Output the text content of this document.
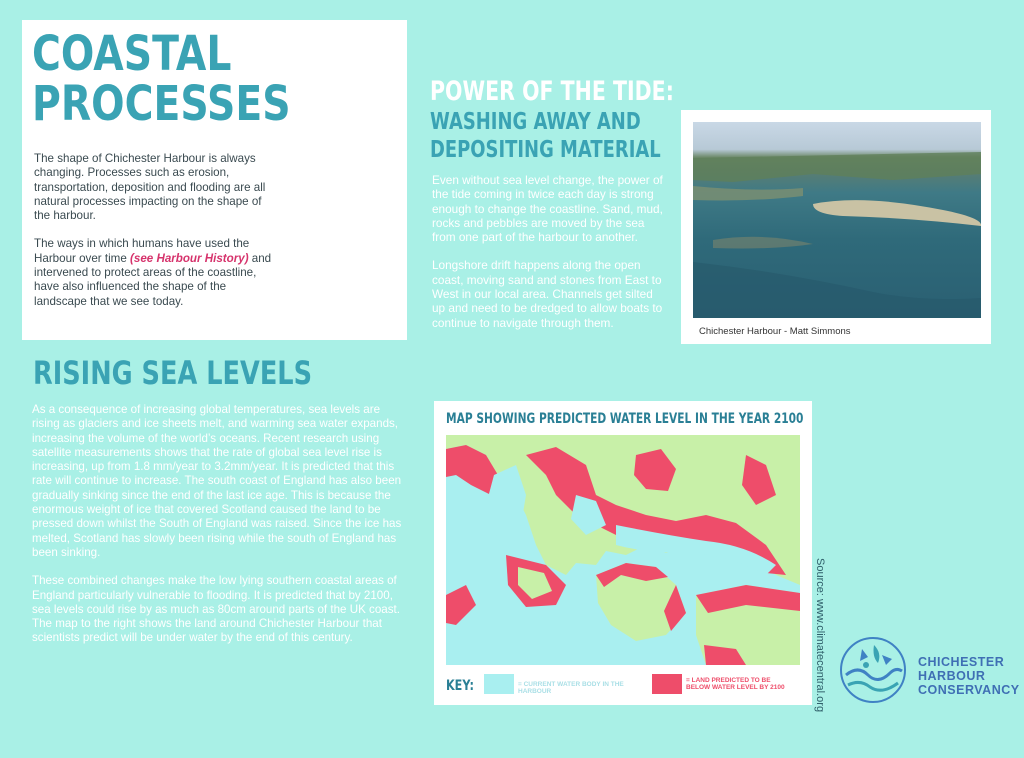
COASTAL
PROCESSES

The shape of Chichester Harbour is always changing. Processes such as erosion, transportation, deposition and flooding are all natural processes impacting on the shape of the harbour.

The ways in which humans have used the Harbour over time (see Harbour History) and intervened to protect areas of the coastline, have also influenced the shape of the landscape that we see today.

POWER OF THE TIDE:
WASHING AWAY AND
DEPOSITING MATERIAL

Even without sea level change, the power of the tide coming in twice each day is strong enough to change the coastline. Sand, mud, rocks and pebbles are moved by the sea from one part of the harbour to another.

Longshore drift happens along the open coast, moving sand and stones from East to West in our local area. Channels get silted up and need to be dredged to allow boats to continue to navigate through them.

Chichester Harbour - Matt Simmons
RISING SEA LEVELS

As a consequence of increasing global temperatures, sea levels are rising as glaciers and ice sheets melt, and warming sea water expands, increasing the volume of the world’s oceans. Recent research using satellite measurements shows that the rate of global sea level rise is increasing, up from 1.8 mm/year to 3.2mm/year. It is predicted that this rate will continue to increase. The south coast of England has also been gradually sinking since the end of the last ice age. This is because the enormous weight of ice that covered Scotland caused the land to be pressed down whilst the South of England was raised. Since the ice has melted, Scotland has slowly been rising while the south of England has been sinking.

These combined changes make the low lying southern coastal areas of England particularly vulnerable to flooding. It is predicted that by 2100, sea levels could rise by as much as 80cm around parts of the UK coast. The map to the right shows the land around Chichester Harbour that scientists predict will be under water by the end of this century.

MAP SHOWING PREDICTED WATER LEVEL IN THE YEAR 2100
KEY:	= CURRENT WATER BODY IN THE HARBOUR
= LAND PREDICTED TO BE
BELOW WATER LEVEL BY 2100	Source: www.climatecentral.org	CHICHESTER
HARBOUR
CONSERVANCY
